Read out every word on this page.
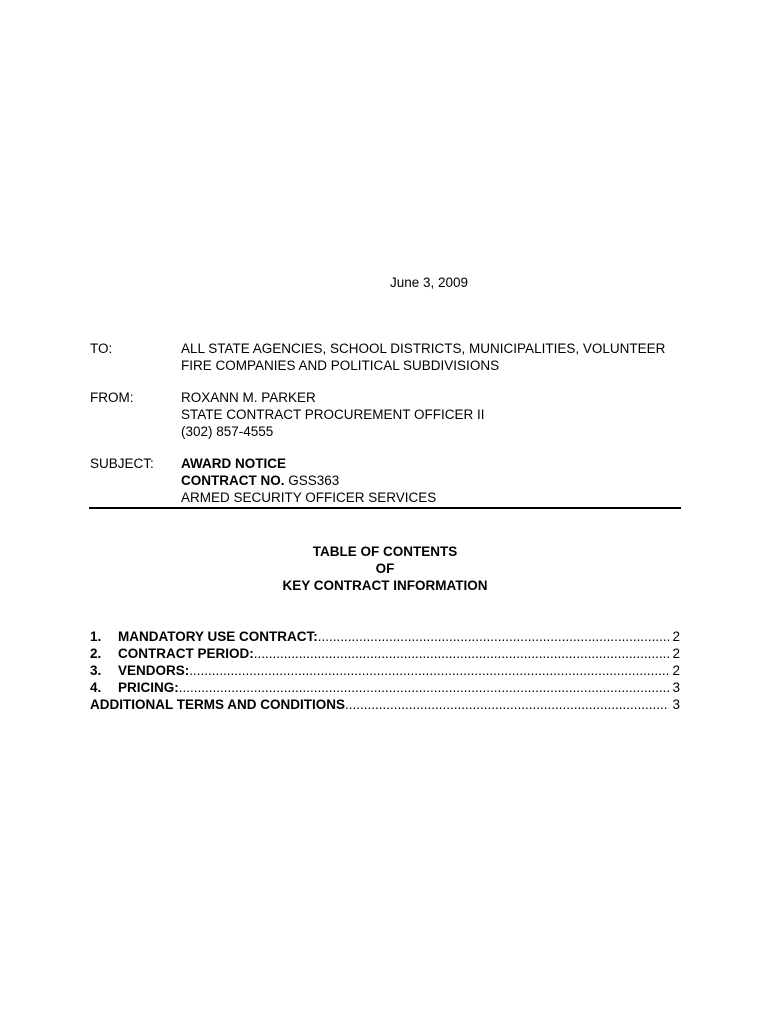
June 3, 2009
TO:	ALL STATE AGENCIES, SCHOOL DISTRICTS, MUNICIPALITIES, VOLUNTEER
FIRE COMPANIES AND POLITICAL SUBDIVISIONS
FROM:	ROXANN M. PARKER
STATE CONTRACT PROCUREMENT OFFICER II
(302) 857-4555
SUBJECT: AWARD NOTICE
CONTRACT NO. GSS363
ARMED SECURITY OFFICER SERVICES
TABLE OF CONTENTS
OF
KEY CONTRACT INFORMATION
1.	MANDATORY USE CONTRACT: .....	2
2.	CONTRACT PERIOD: .....	2
3.	VENDORS: .....	2
4.	PRICING: .....	3
ADDITIONAL TERMS AND CONDITIONS .....	3
